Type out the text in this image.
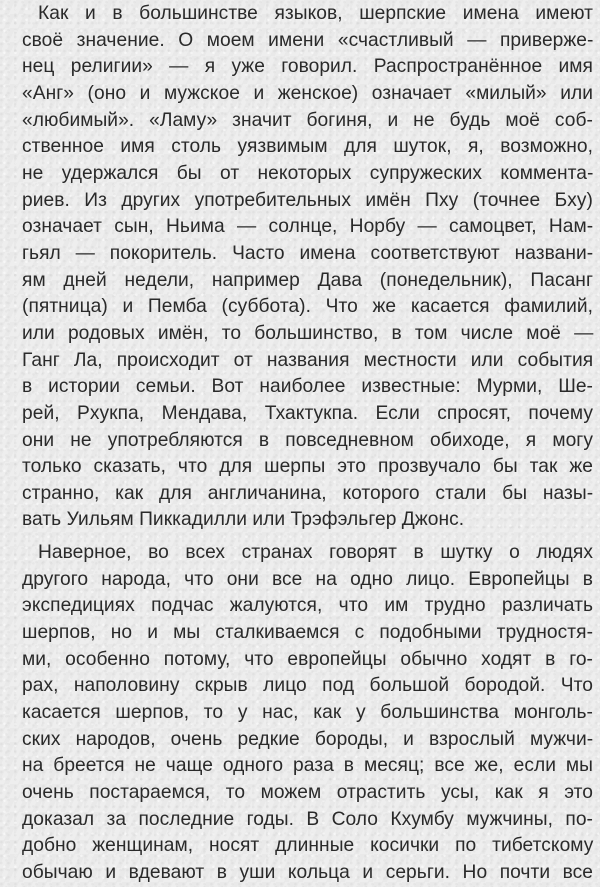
Как и в большинстве языков, шерпские имена имеют
своё значение. О моем имени «счастливый — приверже-
нец религии» — я уже говорил. Распространённое имя
«Анг» (оно и мужское и женское) означает «милый» или
«любимый». «Ламу» значит богиня, и не будь моё соб-
ственное имя столь уязвимым для шуток, я, возможно,
не удержался бы от некоторых супружеских коммента-
риев. Из других употребительных имён Пху (точнее Бху)
означает сын, Ньима — солнце, Норбу — самоцвет, Нам-
гьял — покоритель. Часто имена соответствуют названи-
ям дней недели, например Дава (понедельник), Пасанг
(пятница) и Пемба (суббота). Что же касается фамилий,
или родовых имён, то большинство, в том числе моё —
Ганг Ла, происходит от названия местности или события
в истории семьи. Вот наиболее известные: Мурми, Ше-
рей, Рхукпа, Мендава, Тхактукпа. Если спросят, почему
они не употребляются в повседневном обиходе, я могу
только сказать, что для шерпы это прозвучало бы так же
странно, как для англичанина, которого стали бы назы-
вать Уильям Пиккадилли или Трэфэльгер Джонс.

Наверное, во всех странах говорят в шутку о людях
другого народа, что они все на одно лицо. Европейцы в
экспедициях подчас жалуются, что им трудно различать
шерпов, но и мы сталкиваемся с подобными трудностя-
ми, особенно потому, что европейцы обычно ходят в го-
рах, наполовину скрыв лицо под большой бородой. Что
касается шерпов, то у нас, как у большинства монголь-
ских народов, очень редкие бороды, и взрослый мужчи-
на бреется не чаще одного раза в месяц; все же, если мы
очень постараемся, то можем отрастить усы, как я это
доказал за последние годы. В Соло Кхумбу мужчины, по-
добно женщинам, носят длинные косички по тибетскому
обычаю и вдевают в уши кольца и серьги. Но почти все
